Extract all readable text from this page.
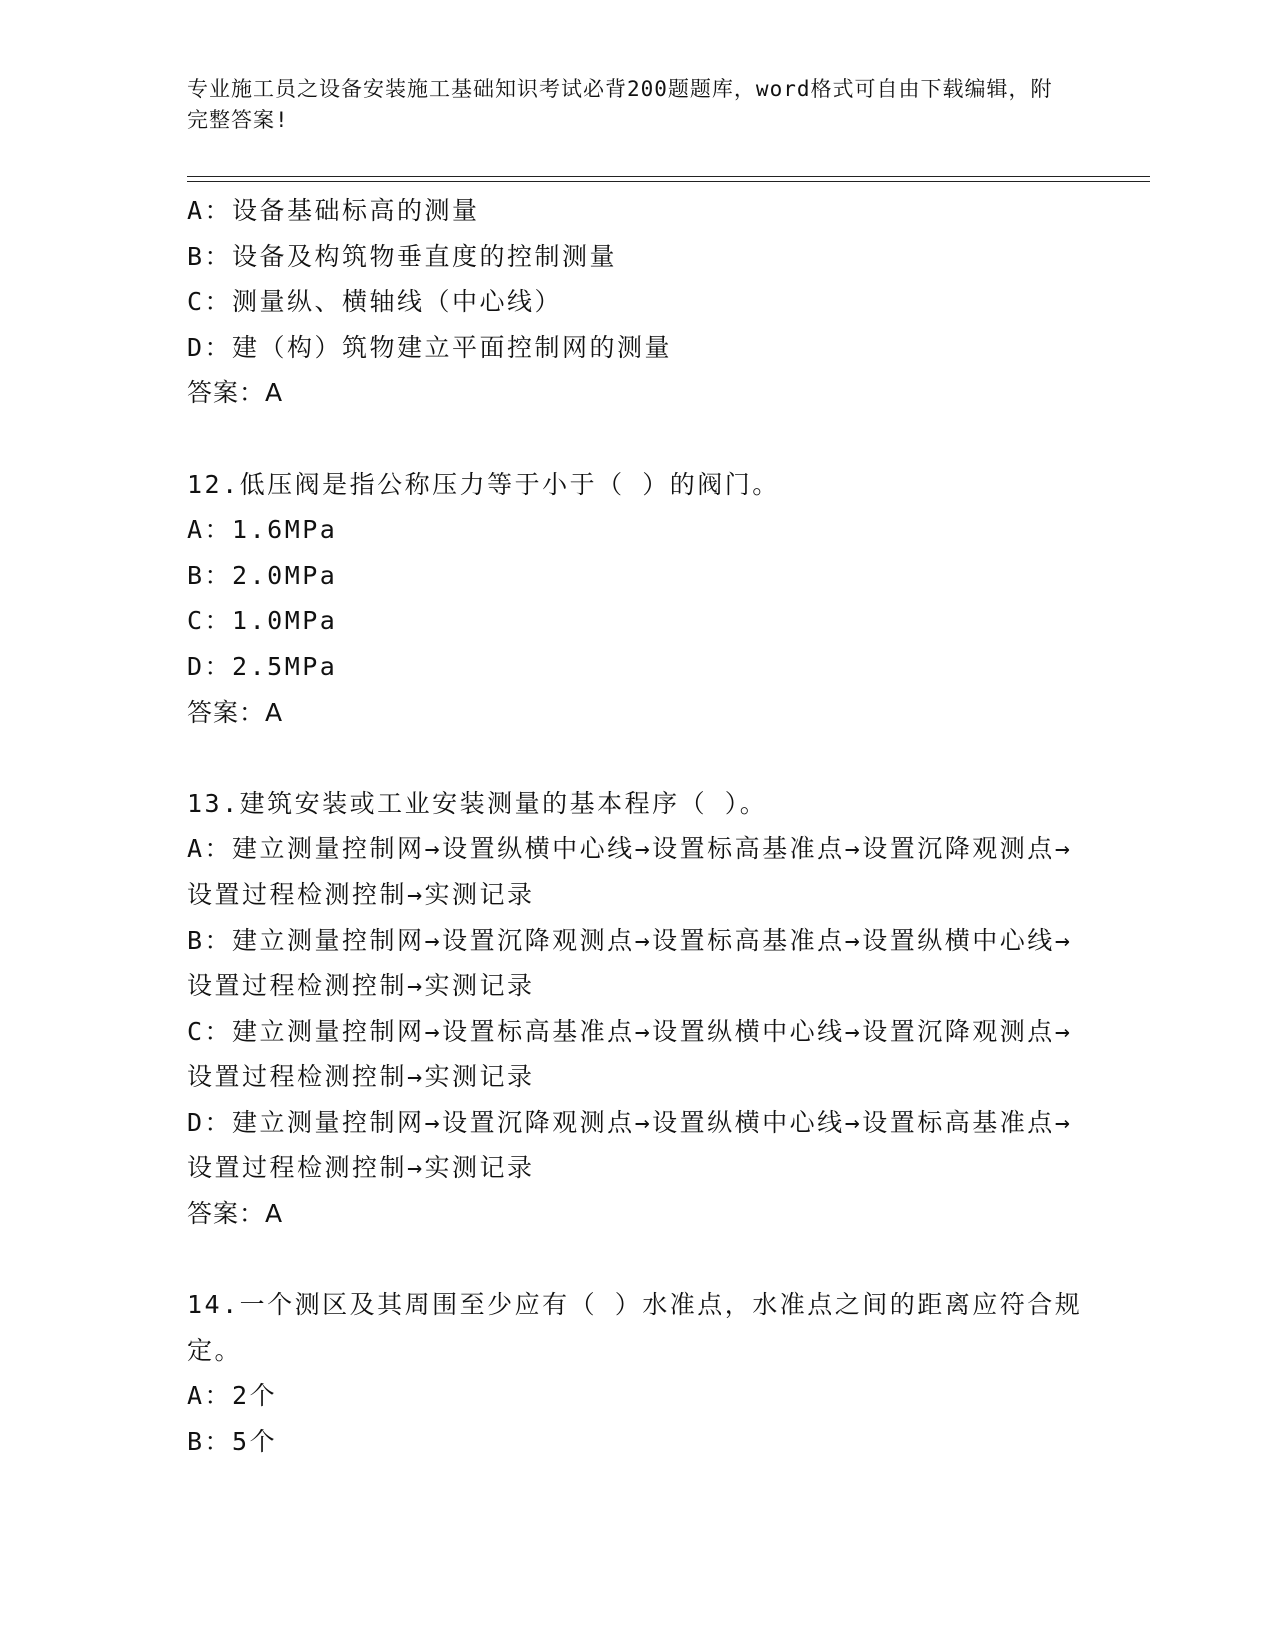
专业施工员之设备安装施工基础知识考试必背200题题库，word格式可自由下载编辑，附完整答案!
A：设备基础标高的测量
B：设备及构筑物垂直度的控制测量
C：测量纵、横轴线（中心线）
D：建（构）筑物建立平面控制网的测量
答案：A
12.低压阀是指公称压力等于小于（ ）的阀门。
A：1.6MPa
B：2.0MPa
C：1.0MPa
D：2.5MPa
答案：A
13.建筑安装或工业安装测量的基本程序（ ）。
A：建立测量控制网→设置纵横中心线→设置标高基准点→设置沉降观测点→设置过程检测控制→实测记录
B：建立测量控制网→设置沉降观测点→设置标高基准点→设置纵横中心线→设置过程检测控制→实测记录
C：建立测量控制网→设置标高基准点→设置纵横中心线→设置沉降观测点→设置过程检测控制→实测记录
D：建立测量控制网→设置沉降观测点→设置纵横中心线→设置标高基准点→设置过程检测控制→实测记录
答案：A
14.一个测区及其周围至少应有（ ）水准点，水准点之间的距离应符合规定。
A：2个
B：5个
